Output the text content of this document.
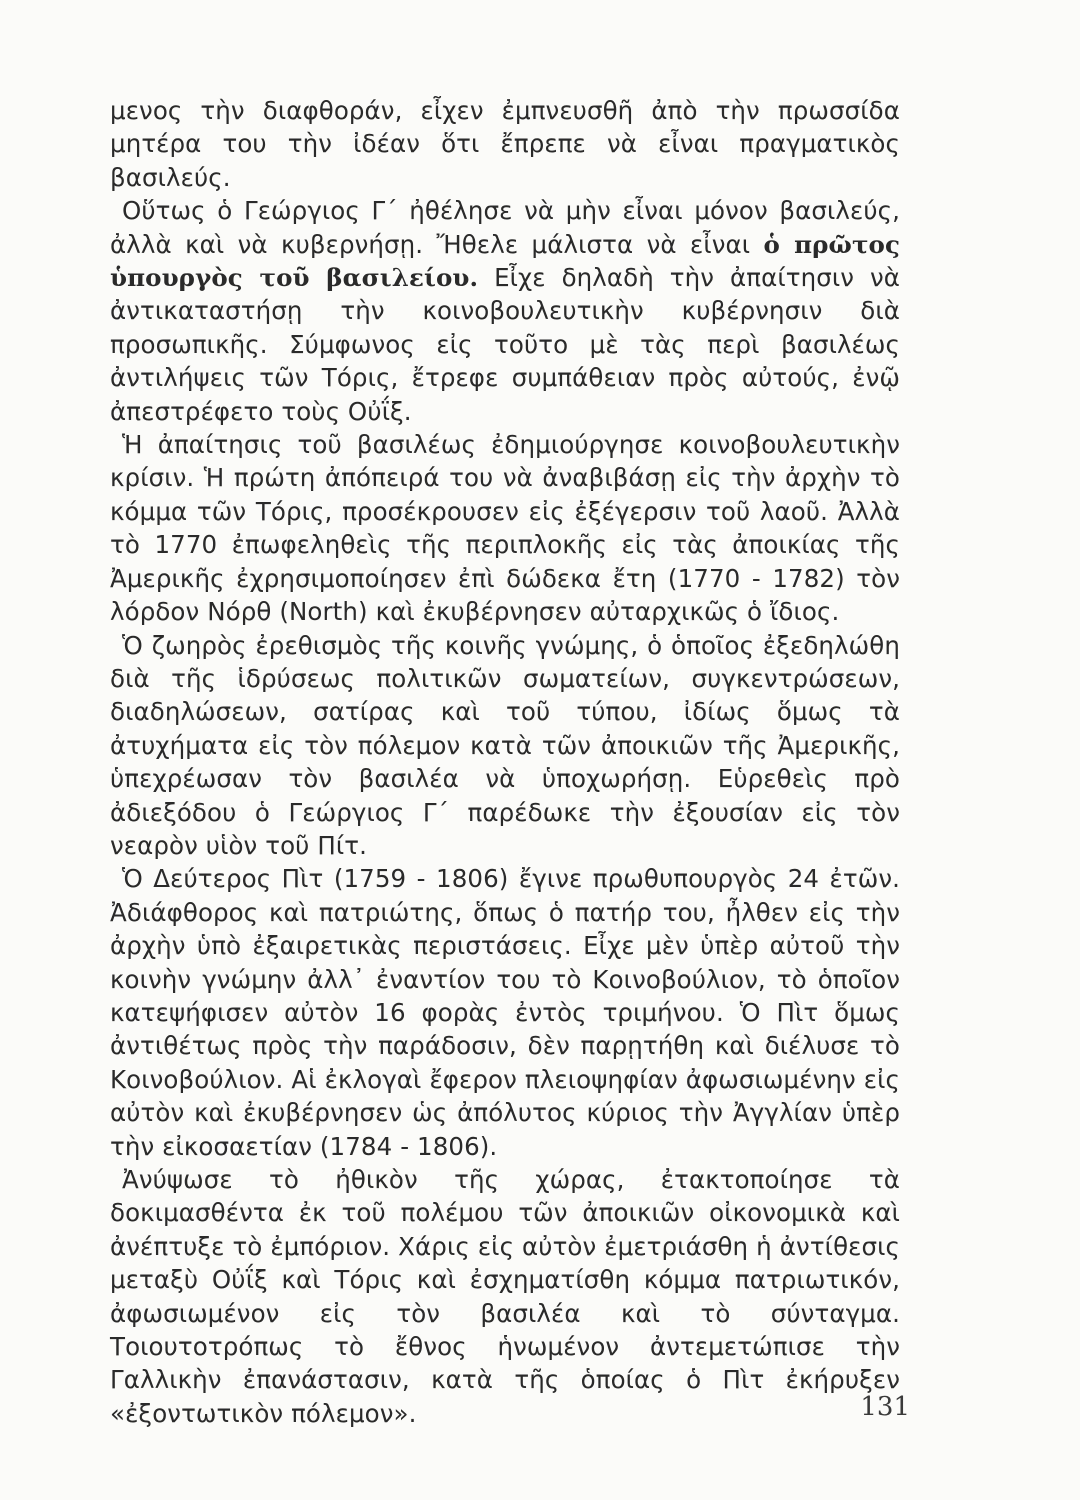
μενος τὴν διαφθοράν, εἶχεν ἐμπνευσθῆ ἀπὸ τὴν πρωσσίδα μητέρα του τὴν ἰδέαν ὅτι ἔπρεπε νὰ εἶναι πραγματικὸς βασιλεύς.

Οὕτως ὁ Γεώργιος Γ΄ ἠθέλησε νὰ μὴν εἶναι μόνον βασιλεύς, ἀλλὰ καὶ νὰ κυβερνήσῃ. Ἤθελε μάλιστα νὰ εἶναι ὁ πρῶτος ὑπουργὸς τοῦ βασιλείου. Εἶχε δηλαδὴ τὴν ἀπαίτησιν νὰ ἀντικαταστήσῃ τὴν κοινοβουλευτικὴν κυβέρνησιν διὰ προσωπικῆς. Σύμφωνος εἰς τοῦτο μὲ τὰς περὶ βασιλέως ἀντιλήψεις τῶν Τόρις, ἔτρεφε συμπάθειαν πρὸς αὐτούς, ἐνῷ ἀπεστρέφετο τοὺς Οὐΐξ.

Ἡ ἀπαίτησις τοῦ βασιλέως ἐδημιούργησε κοινοβουλευτικὴν κρίσιν. Ἡ πρώτη ἀπόπειρά του νὰ ἀναβιβάσῃ εἰς τὴν ἀρχὴν τὸ κόμμα τῶν Τόρις, προσέκρουσεν εἰς ἐξέγερσιν τοῦ λαοῦ. Ἀλλὰ τὸ 1770 ἐπωφεληθεὶς τῆς περιπλοκῆς εἰς τὰς ἀποικίας τῆς Ἀμερικῆς ἐχρησιμοποίησεν ἐπὶ δώδεκα ἔτη (1770 - 1782) τὸν λόρδον Νόρθ (North) καὶ ἐκυβέρνησεν αὐταρχικῶς ὁ ἴδιος.

Ὁ ζωηρὸς ἐρεθισμὸς τῆς κοινῆς γνώμης, ὁ ὁποῖος ἐξεδηλώθη διὰ τῆς ἱδρύσεως πολιτικῶν σωματείων, συγκεντρώσεων, διαδηλώσεων, σατίρας καὶ τοῦ τύπου, ἰδίως ὅμως τὰ ἀτυχήματα εἰς τὸν πόλεμον κατὰ τῶν ἀποικιῶν τῆς Ἀμερικῆς, ὑπεχρέωσαν τὸν βασιλέα νὰ ὑποχωρήσῃ. Εὑρεθεὶς πρὸ ἀδιεξόδου ὁ Γεώργιος Γ΄ παρέδωκε τὴν ἐξουσίαν εἰς τὸν νεαρὸν υἱὸν τοῦ Πίτ.

Ὁ Δεύτερος Πὶτ (1759 - 1806) ἔγινε πρωθυπουργὸς 24 ἐτῶν. Ἀδιάφθορος καὶ πατριώτης, ὅπως ὁ πατήρ του, ἦλθεν εἰς τὴν ἀρχὴν ὑπὸ ἐξαιρετικὰς περιστάσεις. Εἶχε μὲν ὑπὲρ αὐτοῦ τὴν κοινὴν γνώμην ἀλλ᾿ ἐναντίον του τὸ Κοινοβούλιον, τὸ ὁποῖον κατεψήφισεν αὐτὸν 16 φορὰς ἐντὸς τριμήνου. Ὁ Πὶτ ὅμως ἀντιθέτως πρὸς τὴν παράδοσιν, δὲν παρῃτήθη καὶ διέλυσε τὸ Κοινοβούλιον. Αἱ ἐκλογαὶ ἔφερον πλειοψηφίαν ἀφωσιωμένην εἰς αὐτὸν καὶ ἐκυβέρνησεν ὡς ἀπόλυτος κύριος τὴν Ἀγγλίαν ὑπὲρ τὴν εἰκοσαετίαν (1784 - 1806).

Ἀνύψωσε τὸ ἠθικὸν τῆς χώρας, ἐτακτοποίησε τὰ δοκιμασθέντα ἐκ τοῦ πολέμου τῶν ἀποικιῶν οἰκονομικὰ καὶ ἀνέπτυξε τὸ ἐμπόριον. Χάρις εἰς αὐτὸν ἐμετριάσθη ἡ ἀντίθεσις μεταξὺ Οὐΐξ καὶ Τόρις καὶ ἐσχηματίσθη κόμμα πατριωτικόν, ἀφωσιωμένον εἰς τὸν βασιλέα καὶ τὸ σύνταγμα. Τοιουτοτρόπως τὸ ἔθνος ἡνωμένον ἀντεμετώπισε τὴν Γαλλικὴν ἐπανάστασιν, κατὰ τῆς ὁποίας ὁ Πὶτ ἐκήρυξεν «ἐξοντωτικὸν πόλεμον».	131
